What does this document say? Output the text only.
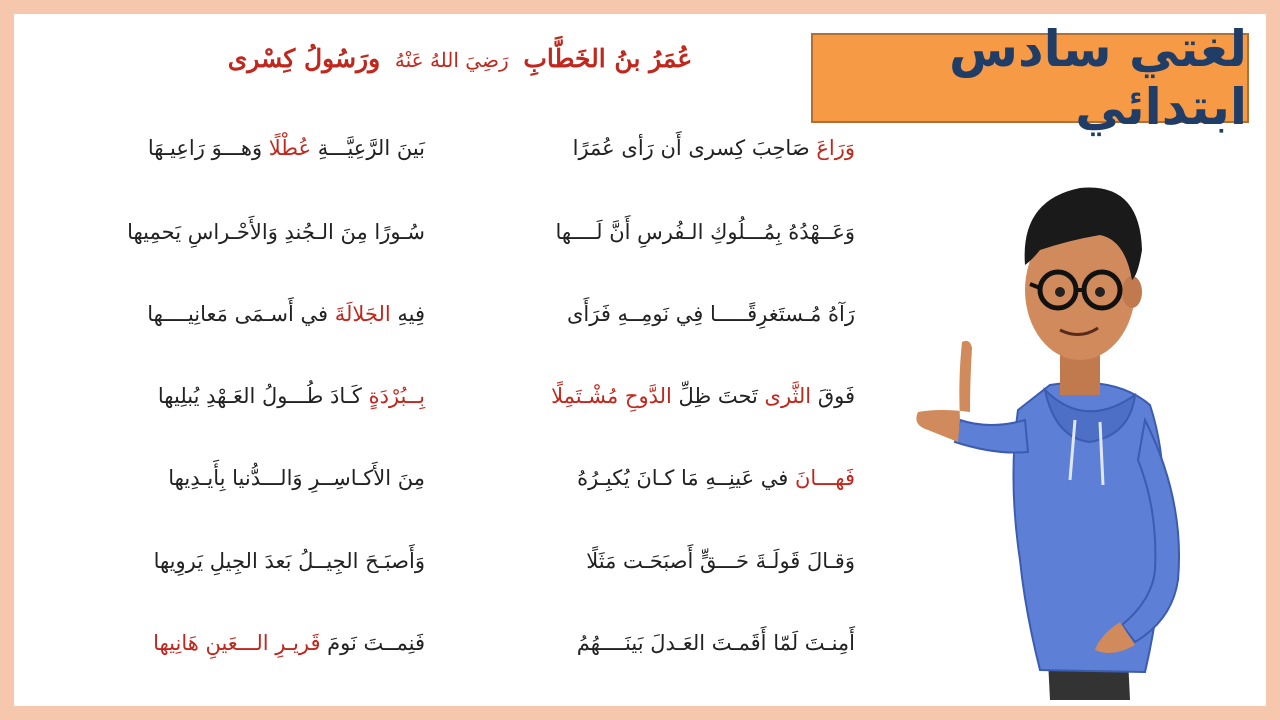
عُمَرُ بنُ الخَطَّابِ رَضِيَ اللهُ عَنْهُ ورَسُولُ كِسْرى	لغتي سادس ابتدائي
وَرَاعَ صَاحِبَ كِسرى أَن رَأى عُمَرًا
بَينَ الرَّعِيَّـــةِ عُطْلًا وَهـــوَ رَاعِيـهَا
وَعَــهْدُهُ بِمُـــلُوكِ الـفُرسِ أَنَّ لَــــها
سُـورًا مِنَ الـجُندِ وَالأَحْـراسِ يَحمِيها
رَآهُ مُـستَغرِقًـــــا فِي نَومِــهِ فَرَأَى
فِيهِ الجَلالَةَ في أَسـمَى مَعانِيــــها
فَوقَ الثَّرى تَحتَ ظِلِّ الدَّوحِ مُشْـتَمِلًا
بِــبُرْدَةٍ كَـادَ طُـــولُ العَـهْدِ يُبلِيها
فَهـــانَ في عَينِــهِ مَا كـانَ يُكبِـرُهُ
مِنَ الأَكـاسِــرِ وَالـــدُّنيا بِأَيـدِيها
وَقـالَ قَولَـةَ حَـــقٍّ أَصبَحَـت مَثَلًا
وَأَصبَـحَ الجِيــلُ بَعدَ الجِيلِ يَروِيها
أَمِنـتَ لَمّا أَقَمـتَ العَـدلَ بَينَــــهُمُ
فَنِمــتَ نَومَ قَريـرِ الـــعَينِ هَانِيها
